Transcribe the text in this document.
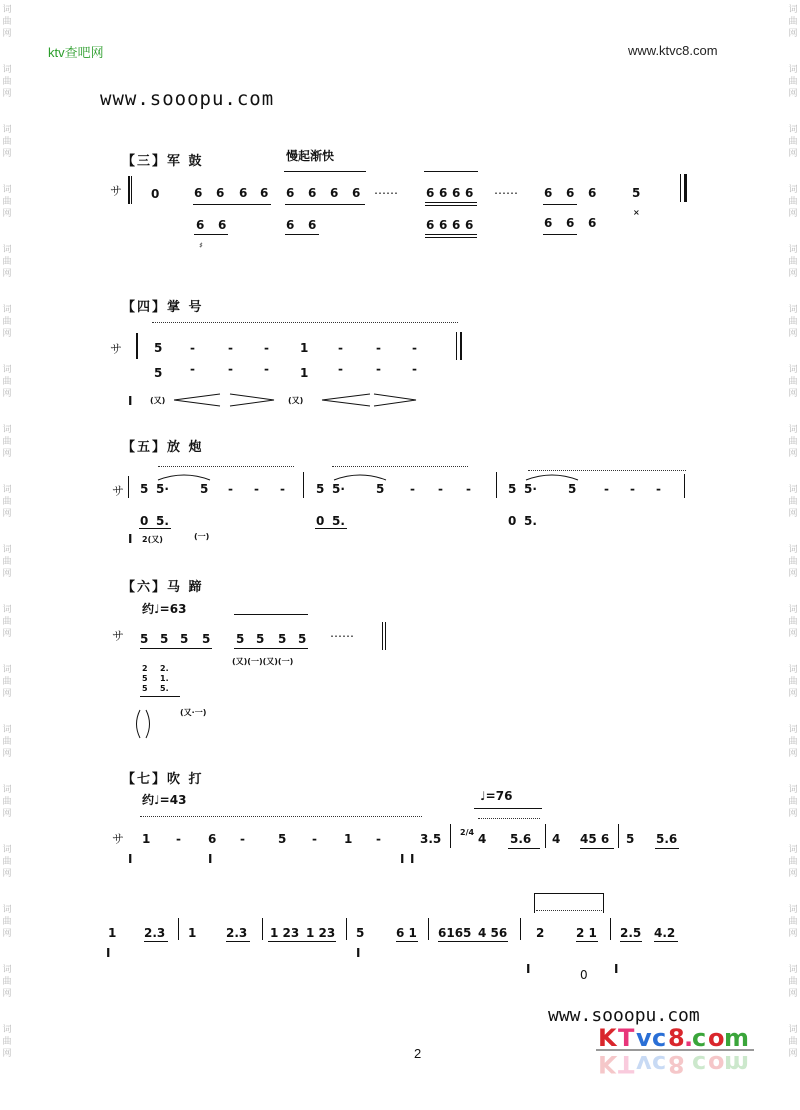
词
曲
网
词
曲
网
词
曲
网
词
曲
网
词
曲
网
词
曲
网
词
曲
网
词
曲
网
词
曲
网
词
曲
网
词
曲
网
词
曲
网
词
曲
网
词
曲
网
词
曲
网
词
曲
网
词
曲
网
词
曲
网
词
曲
网
词
曲
网
词
曲
网
词
曲
网
词
曲
网
词
曲
网
词
曲
网
词
曲
网
词
曲
网
词
曲
网
词
曲
网
词
曲
网
词
曲
网
词
曲
网
词
曲
网
词
曲
网
词
曲
网
词
曲
网
ktv查吧网	www.ktvc8.com
www.sooopu.com
【三】军 鼓	慢起渐快
サ 0	6 6 6 6
6 6
♯
6 6 6 6
6 6
…… 6 6 6 6
6 6 6 6
…… 6 6 6
6 6 6
5
×
【四】掌 号
サ	5 -	-	-	1 -	-	-
5 -	-	-	1 -	-	-
Ⅰ (又)	(又)
【五】放 炮
サ 5 5·	5 - - -
0 5.
5 5·	5 - - -
0 5.
5 5·	5 - - -
0 5.
Ⅰ 2(又)	(一)
【六】马 蹄
约♩=63
サ 5 5 5 5 5 5 5 5
(又)(一)(又)(一)
……
2
5
5
2.
1.
5.
(又·一)
【七】吹 打
约♩=43	♩=76
サ 1 - 6 -	5 - 1 -	3.5 2/4 4 5.6 4 45 6 5 5.6
Ⅰ	Ⅰ	Ⅰ Ⅰ
1 2.3 1 2.3 1 23 1 23 5	6 1 6165 4 56 2	2 1 2.5 4.2
Ⅰ	Ⅰ
Ⅰ	0 Ⅰ
www.sooopu.com
K T v c 8 .
c o m
K T v c 8 c o m
2
